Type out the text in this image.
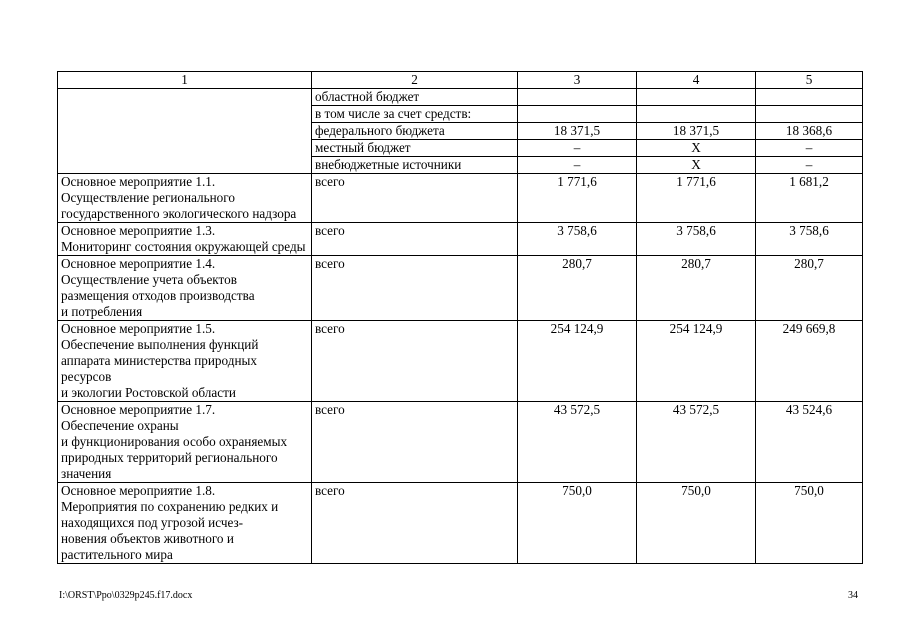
1	2	3	4	5
	областной бюджет			
	в том числе за счет средств:			
	федерального бюджета	18 371,5	18 371,5	18 368,6
	местный бюджет	–	Х	–
	внебюджетные источники	–	Х	–
Основное мероприятие 1.1.
Осуществление регионального государственного экологического надзора	всего	1 771,6	1 771,6	1 681,2
Основное мероприятие 1.3.
Мониторинг состояния окружающей среды	всего	3 758,6	3 758,6	3 758,6
Основное мероприятие 1.4.
Осуществление учета объектов размещения отходов производства
и потребления	всего	280,7	280,7	280,7
Основное мероприятие 1.5.
Обеспечение выполнения функций аппарата министерства природных ресурсов
и экологии Ростовской области	всего	254 124,9	254 124,9	249 669,8
Основное мероприятие 1.7.
Обеспечение охраны
и функционирования особо охраняемых природных территорий регионального значения	всего	43 572,5	43 572,5	43 524,6
Основное мероприятие 1.8.
Мероприятия по сохранению редких и находящихся под угрозой исчез-
новения объектов животного и растительного мира	всего	750,0	750,0	750,0
I:\ORST\Ppo\0329p245.f17.docx	34
